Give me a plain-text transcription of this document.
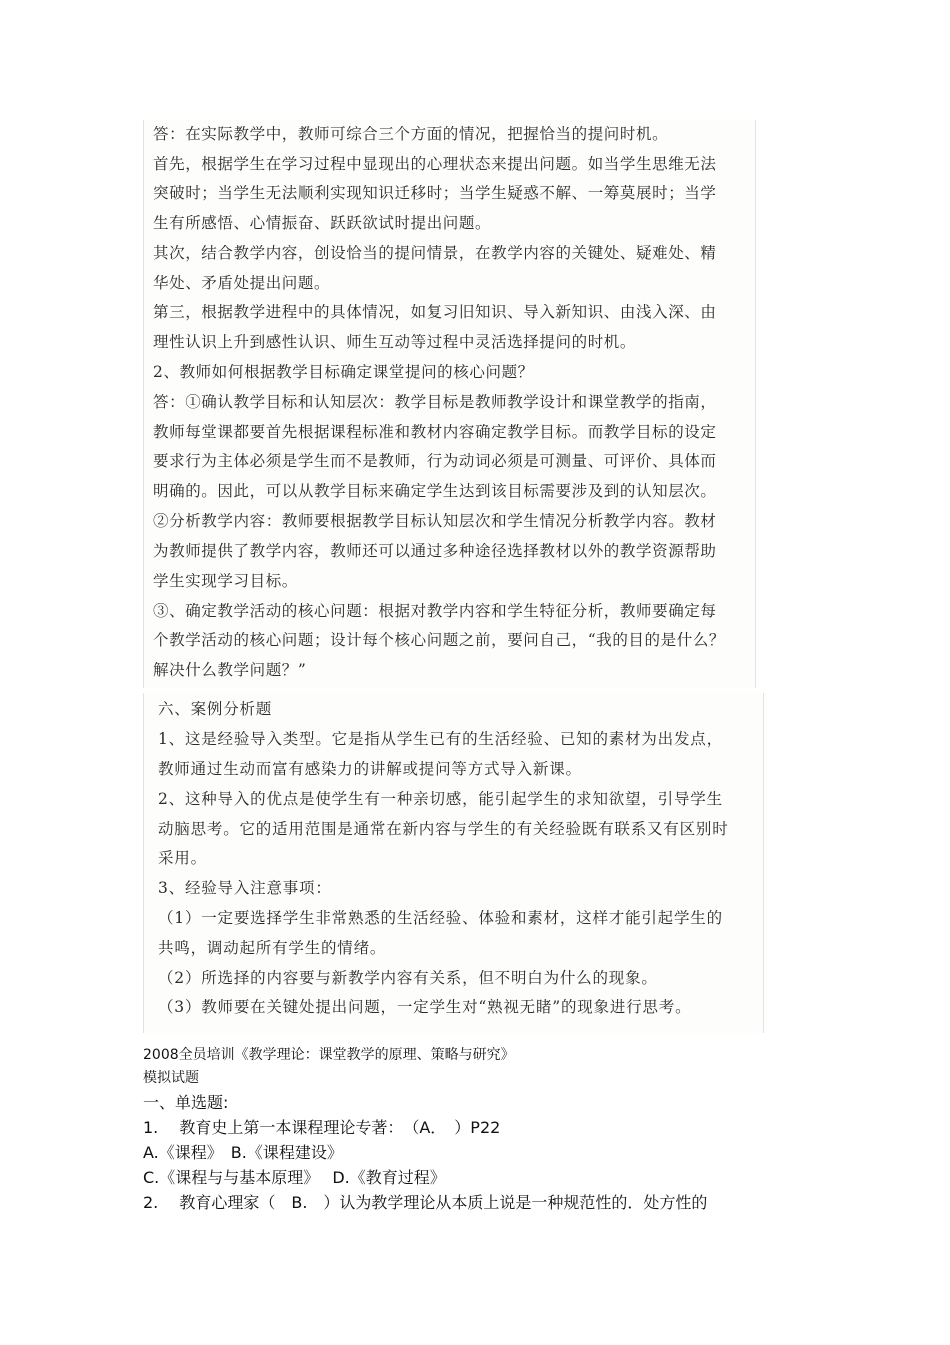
答：在实际教学中，教师可综合三个方面的情况，把握恰当的提问时机。
首先，根据学生在学习过程中显现出的心理状态来提出问题。如当学生思维无法
突破时；当学生无法顺利实现知识迁移时；当学生疑惑不解、一筹莫展时；当学
生有所感悟、心情振奋、跃跃欲试时提出问题。
其次，结合教学内容，创设恰当的提问情景，在教学内容的关键处、疑难处、精
华处、矛盾处提出问题。
第三，根据教学进程中的具体情况，如复习旧知识、导入新知识、由浅入深、由
理性认识上升到感性认识、师生互动等过程中灵活选择提问的时机。
2、教师如何根据教学目标确定课堂提问的核心问题？
答：①确认教学目标和认知层次：教学目标是教师教学设计和课堂教学的指南，
教师每堂课都要首先根据课程标准和教材内容确定教学目标。而教学目标的设定
要求行为主体必须是学生而不是教师，行为动词必须是可测量、可评价、具体而
明确的。因此，可以从教学目标来确定学生达到该目标需要涉及到的认知层次。
②分析教学内容：教师要根据教学目标认知层次和学生情况分析教学内容。教材
为教师提供了教学内容，教师还可以通过多种途径选择教材以外的教学资源帮助
学生实现学习目标。
③、确定教学活动的核心问题：根据对教学内容和学生特征分析，教师要确定每
个教学活动的核心问题；设计每个核心问题之前，要问自己，“我的目的是什么？
解决什么教学问题？”
六、案例分析题
1、这是经验导入类型。它是指从学生已有的生活经验、已知的素材为出发点，
教师通过生动而富有感染力的讲解或提问等方式导入新课。
2、这种导入的优点是使学生有一种亲切感，能引起学生的求知欲望，引导学生
动脑思考。它的适用范围是通常在新内容与学生的有关经验既有联系又有区别时
采用。
3、经验导入注意事项：
（1）一定要选择学生非常熟悉的生活经验、体验和素材，这样才能引起学生的
共鸣，调动起所有学生的情绪。
（2）所选择的内容要与新教学内容有关系，但不明白为什么的现象。
（3）教师要在关键处提出问题，一定学生对“熟视无睹”的现象进行思考。
2008全员培训《教学理论：课堂教学的原理、策略与研究》
模拟试题
一、单选题:
1.　 教育史上第一本课程理论专著：　（A．　）P22
A.《课程》　B.《课程建设》
C.《课程与与基本原理》　 D.《教育过程》
2.　 教育心理家（　B.　）认为教学理论从本质上说是一种规范性的．处方性的
